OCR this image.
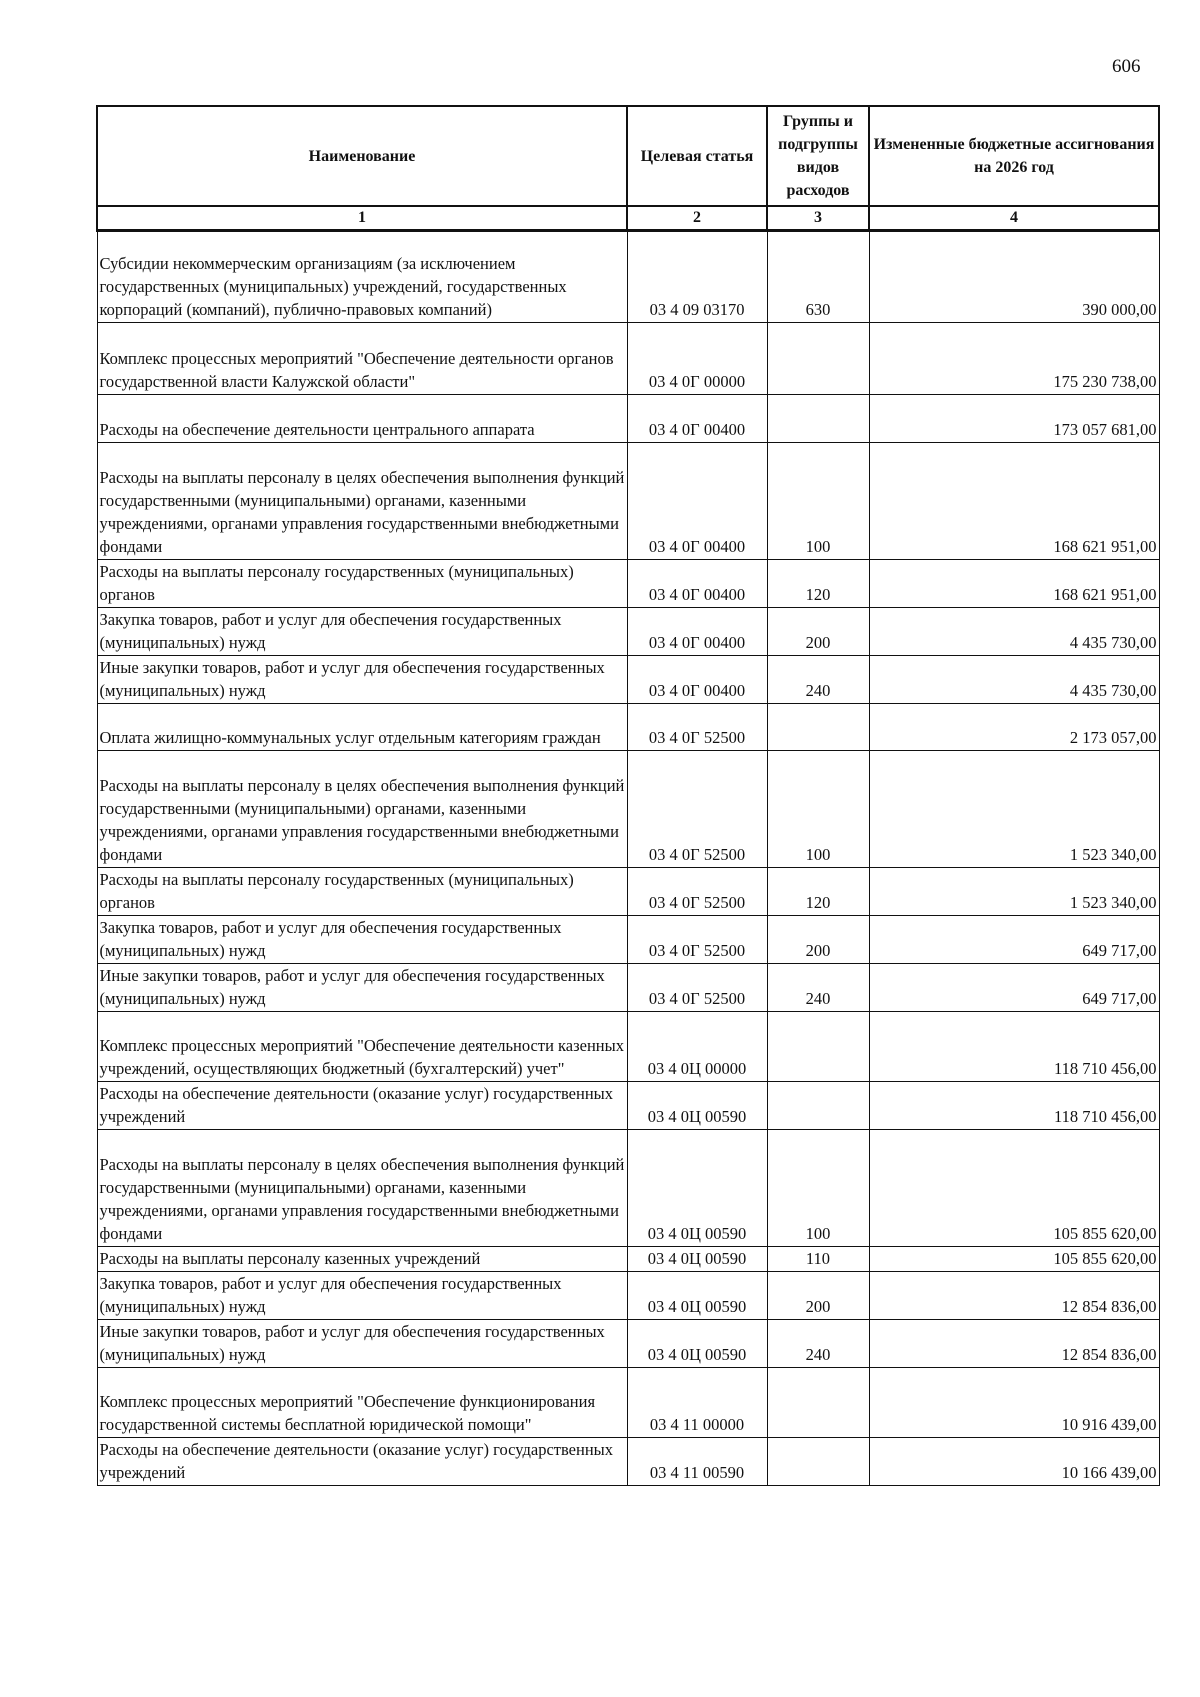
606
Наименование	Целевая статья	Группы и подгруппы видов расходов	Измененные бюджетные ассигнования на 2026 год
1	2	3	4
Субсидии некоммерческим организациям (за исключением государственных (муниципальных) учреждений, государственных корпораций (компаний), публично-правовых компаний)	03 4 09 03170	630	390 000,00
Комплекс процессных мероприятий "Обеспечение деятельности органов государственной власти Калужской области"	03 4 0Г 00000		175 230 738,00
Расходы на обеспечение деятельности центрального аппарата	03 4 0Г 00400		173 057 681,00
Расходы на выплаты персоналу в целях обеспечения выполнения функций государственными (муниципальными) органами, казенными учреждениями, органами управления государственными внебюджетными фондами	03 4 0Г 00400	100	168 621 951,00
Расходы на выплаты персоналу государственных (муниципальных) органов	03 4 0Г 00400	120	168 621 951,00
Закупка товаров, работ и услуг для обеспечения государственных (муниципальных) нужд	03 4 0Г 00400	200	4 435 730,00
Иные закупки товаров, работ и услуг для обеспечения государственных (муниципальных) нужд	03 4 0Г 00400	240	4 435 730,00
Оплата жилищно-коммунальных услуг отдельным категориям граждан	03 4 0Г 52500		2 173 057,00
Расходы на выплаты персоналу в целях обеспечения выполнения функций государственными (муниципальными) органами, казенными учреждениями, органами управления государственными внебюджетными фондами	03 4 0Г 52500	100	1 523 340,00
Расходы на выплаты персоналу государственных (муниципальных) органов	03 4 0Г 52500	120	1 523 340,00
Закупка товаров, работ и услуг для обеспечения государственных (муниципальных) нужд	03 4 0Г 52500	200	649 717,00
Иные закупки товаров, работ и услуг для обеспечения государственных (муниципальных) нужд	03 4 0Г 52500	240	649 717,00
Комплекс процессных мероприятий "Обеспечение деятельности казенных учреждений, осуществляющих бюджетный (бухгалтерский) учет"	03 4 0Ц 00000		118 710 456,00
Расходы на обеспечение деятельности (оказание услуг) государственных учреждений	03 4 0Ц 00590		118 710 456,00
Расходы на выплаты персоналу в целях обеспечения выполнения функций государственными (муниципальными) органами, казенными учреждениями, органами управления государственными внебюджетными фондами	03 4 0Ц 00590	100	105 855 620,00
Расходы на выплаты персоналу казенных учреждений	03 4 0Ц 00590	110	105 855 620,00
Закупка товаров, работ и услуг для обеспечения государственных (муниципальных) нужд	03 4 0Ц 00590	200	12 854 836,00
Иные закупки товаров, работ и услуг для обеспечения государственных (муниципальных) нужд	03 4 0Ц 00590	240	12 854 836,00
Комплекс процессных мероприятий "Обеспечение функционирования государственной системы бесплатной юридической помощи"	03 4 11 00000		10 916 439,00
Расходы на обеспечение деятельности (оказание услуг) государственных учреждений	03 4 11 00590		10 166 439,00
